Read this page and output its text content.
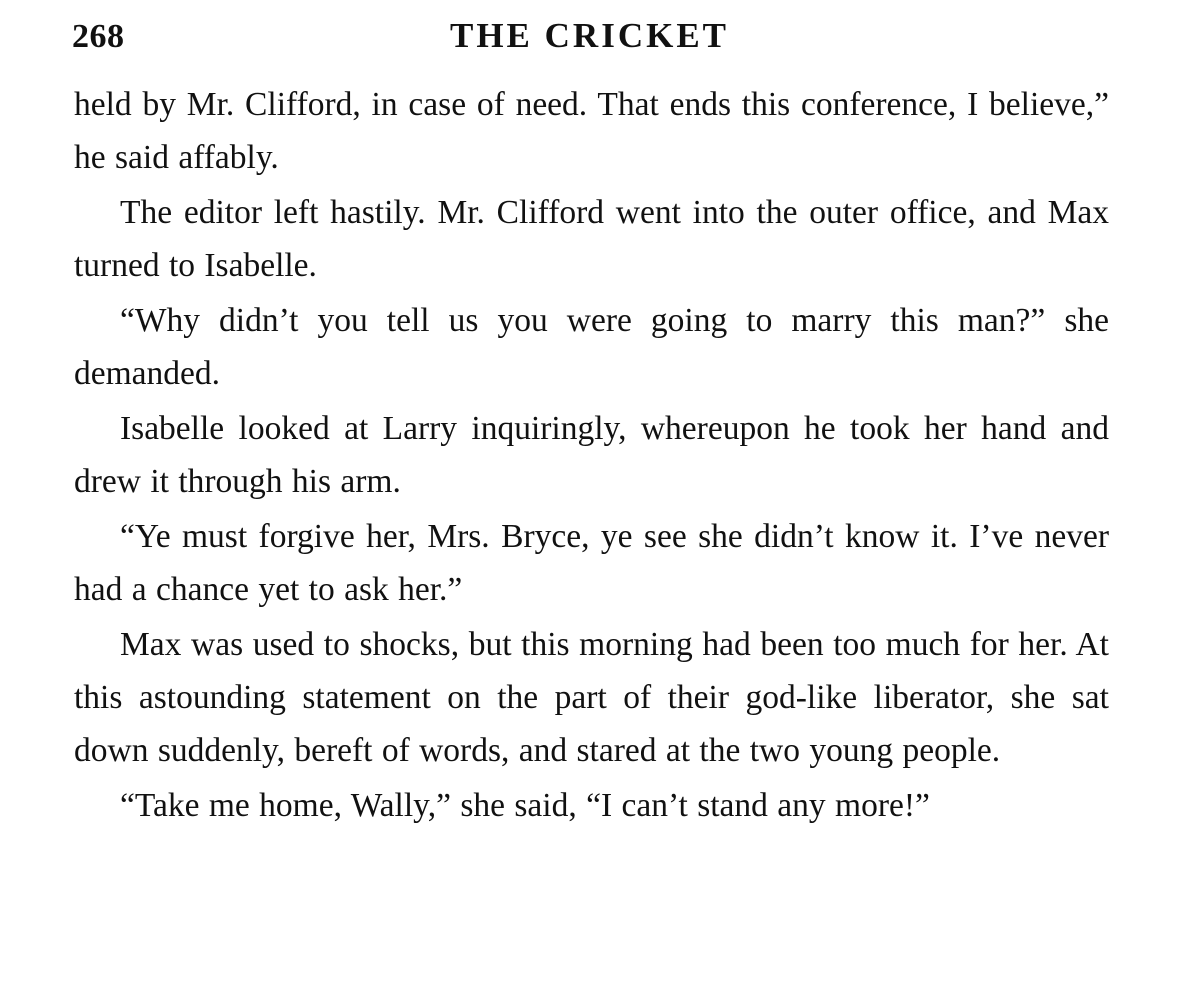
268	THE CRICKET

held by Mr. Clifford, in case of need. That ends this conference, I believe,” he said affably.

The editor left hastily. Mr. Clifford went into the outer office, and Max turned to Isabelle.

“Why didn’t you tell us you were going to marry this man?” she demanded.

Isabelle looked at Larry inquiringly, whereupon he took her hand and drew it through his arm.

“Ye must forgive her, Mrs. Bryce, ye see she didn’t know it. I’ve never had a chance yet to ask her.”

Max was used to shocks, but this morning had been too much for her. At this astounding statement on the part of their god-like liberator, she sat down suddenly, bereft of words, and stared at the two young people.

“Take me home, Wally,” she said, “I can’t stand any more!”
